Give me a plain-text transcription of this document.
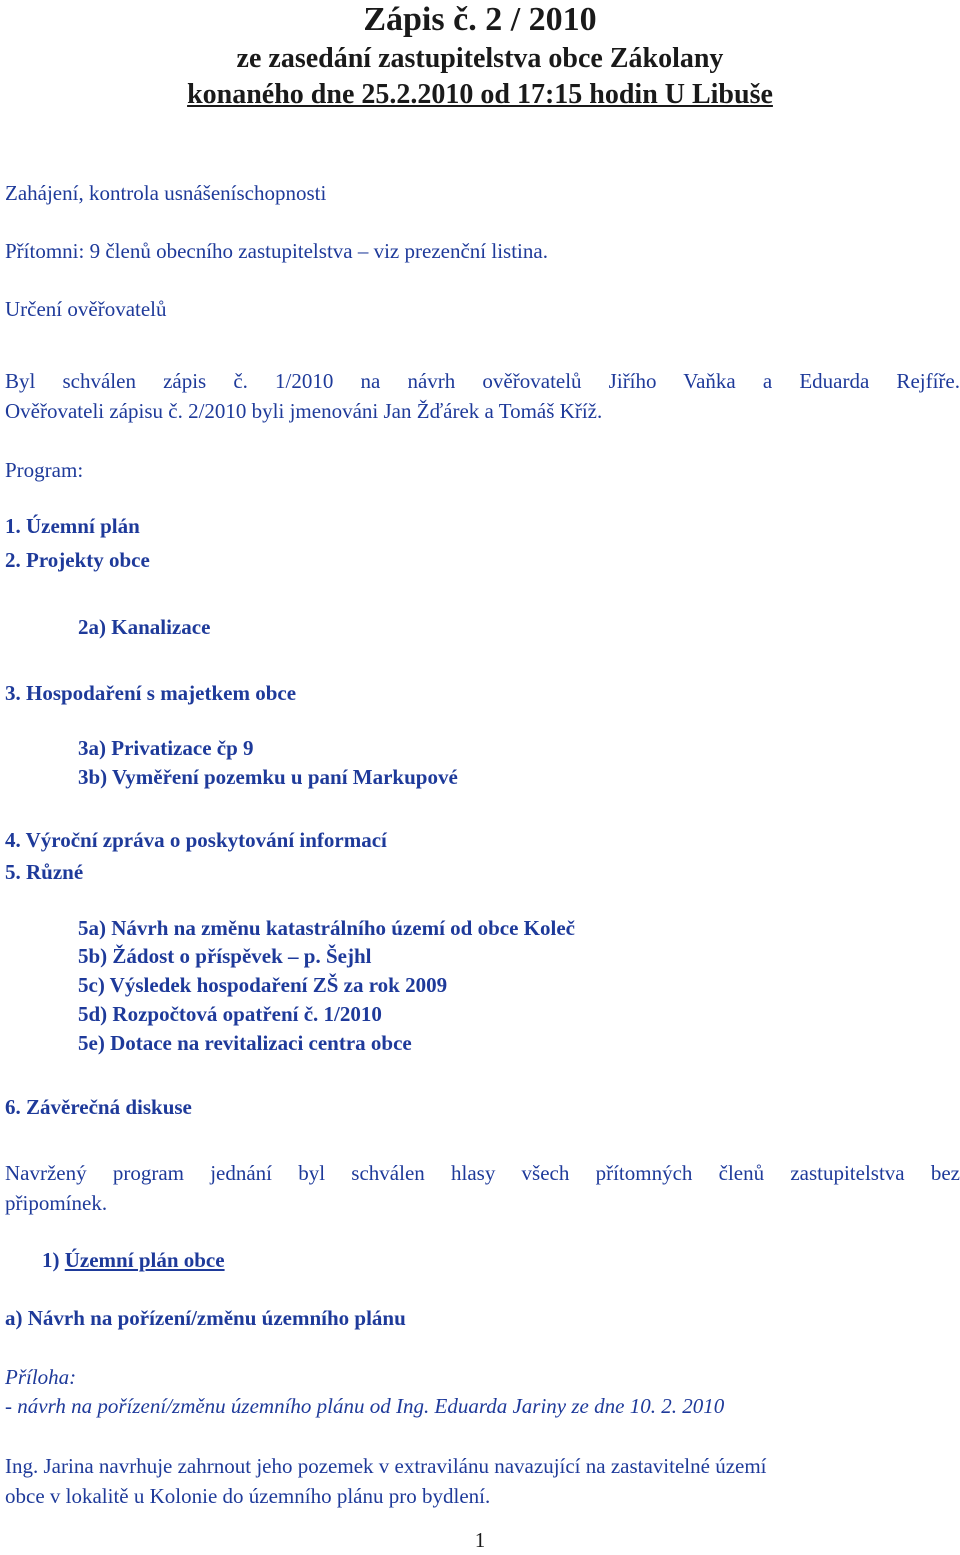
Zápis č. 2 / 2010
ze zasedání zastupitelstva obce Zákolany
konaného dne 25.2.2010 od 17:15 hodin U Libuše
Zahájení, kontrola usnášeníschopnosti
Přítomni: 9 členů obecního zastupitelstva – viz prezenční listina.
Určení ověřovatelů
Byl schválen zápis č. 1/2010 na návrh ověřovatelů Jiřího Vaňka a Eduarda Rejfíře.
Ověřovateli zápisu č. 2/2010 byli jmenováni Jan Žďárek a Tomáš Kříž.
Program:
1. Územní plán
2. Projekty obce
2a) Kanalizace
3. Hospodaření s majetkem obce
3a) Privatizace čp 9
3b) Vyměření pozemku u paní Markupové
4. Výroční zpráva o poskytování informací
5. Různé
5a) Návrh na změnu katastrálního území od obce Koleč
5b) Žádost o příspěvek – p. Šejhl
5c) Výsledek hospodaření ZŠ za rok 2009
5d) Rozpočtová opatření č. 1/2010
5e) Dotace na revitalizaci centra obce
6. Závěrečná diskuse
Navržený program jednání byl schválen hlasy všech přítomných členů zastupitelstva bez
připomínek.
1) Územní plán obce
a) Návrh na pořízení/změnu územního plánu
Příloha:
- návrh na pořízení/změnu územního plánu od Ing. Eduarda Jariny ze dne 10. 2. 2010
Ing. Jarina navrhuje zahrnout jeho pozemek v extravilánu navazující na zastavitelné území
obce v lokalitě u Kolonie do územního plánu pro bydlení.
1
